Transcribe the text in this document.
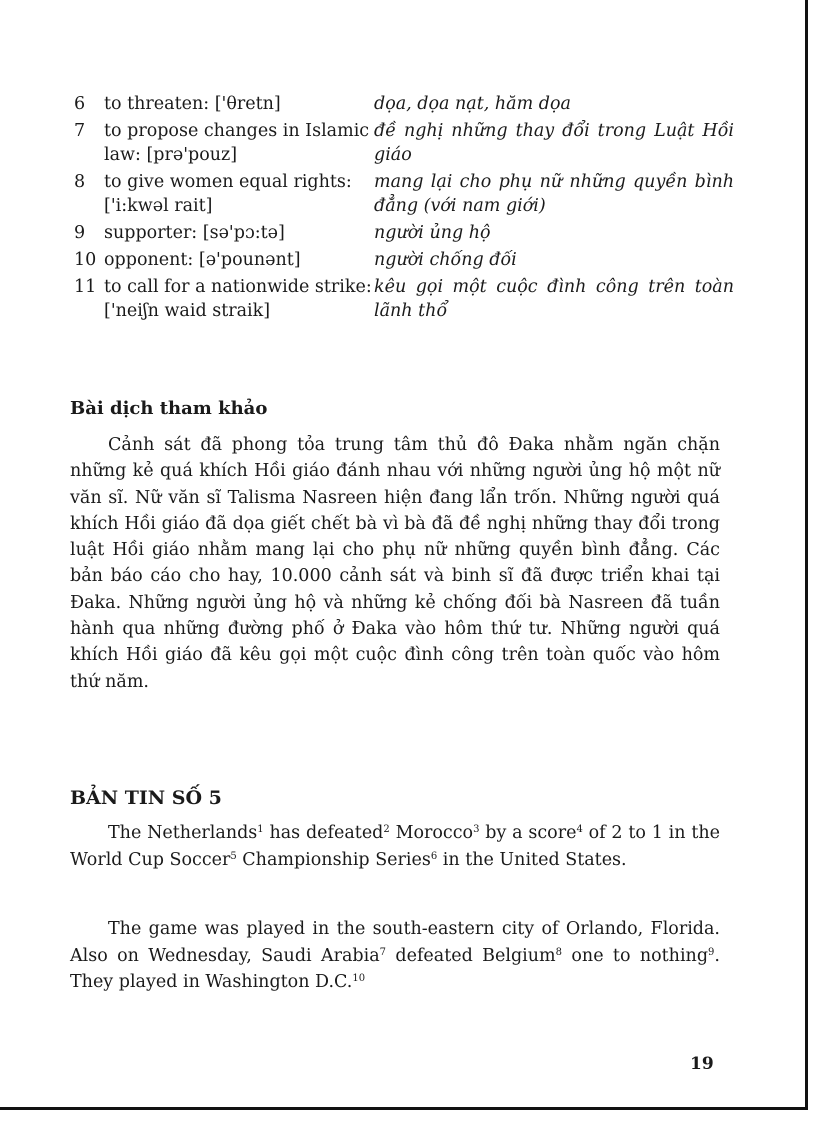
6	to threaten: ['θretn]	dọa, dọa nạt, hăm dọa
7	to propose changes in Islamic law: [prə'pouz]	đề nghị những thay đổi trong Luật Hồi giáo
8	to give women equal rights: ['i:kwəl rait]	mang lại cho phụ nữ những quyền bình đẳng (với nam giới)
9	supporter: [sə'pɔ:tə]	người ủng hộ
10	opponent: [ə'pounənt]	người chống đối
11	to call for a nationwide strike: ['neiʃn waid straik]	kêu gọi một cuộc đình công trên toàn lãnh thổ
Bài dịch tham khảo

Cảnh sát đã phong tỏa trung tâm thủ đô Đaka nhằm ngăn chặn những kẻ quá khích Hồi giáo đánh nhau với những người ủng hộ một nữ văn sĩ. Nữ văn sĩ Talisma Nasreen hiện đang lẩn trốn. Những người quá khích Hồi giáo đã dọa giết chết bà vì bà đã đề nghị những thay đổi trong luật Hồi giáo nhằm mang lại cho phụ nữ những quyền bình đẳng. Các bản báo cáo cho hay, 10.000 cảnh sát và binh sĩ đã được triển khai tại Đaka. Những người ủng hộ và những kẻ chống đối bà Nasreen đã tuần hành qua những đường phố ở Đaka vào hôm thứ tư. Những người quá khích Hồi giáo đã kêu gọi một cuộc đình công trên toàn quốc vào hôm thứ năm.

BẢN TIN SỐ 5

The Netherlands$^1$ has defeated$^2$ Morocco$^3$ by a score$^4$ of 2 to 1 in the World Cup Soccer$^5$ Championship Series$^6$ in the United States.

The game was played in the south-eastern city of Orlando, Florida. Also on Wednesday, Saudi Arabia$^7$ defeated Belgium$^8$ one to nothing$^9$. They played in Washington D.C.$^{10}$

19
